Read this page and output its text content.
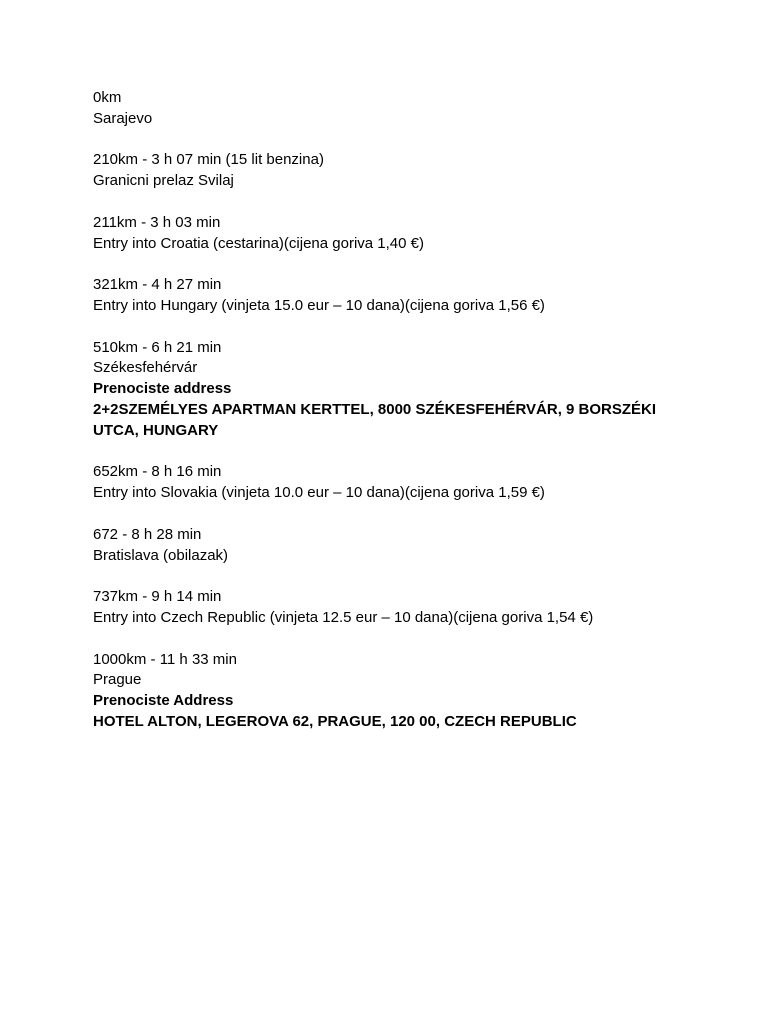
0km
Sarajevo
210km - 3 h 07 min (15 lit benzina)
Granicni prelaz Svilaj
211km - 3 h 03 min
Entry into Croatia (cestarina)(cijena goriva 1,40 €)
321km - 4 h 27 min
Entry into Hungary (vinjeta 15.0 eur – 10 dana)(cijena goriva 1,56 €)
510km - 6 h 21 min
Székesfehérvár
Prenociste address
2+2SZEMÉLYES APARTMAN KERTTEL, 8000 SZÉKESFEHÉRVÁR, 9 BORSZÉKI UTCA, HUNGARY
652km - 8 h 16 min
Entry into Slovakia (vinjeta 10.0 eur – 10 dana)(cijena goriva 1,59 €)
672 - 8 h 28 min
Bratislava (obilazak)
737km - 9 h 14 min
Entry into Czech Republic (vinjeta 12.5 eur – 10 dana)(cijena goriva 1,54 €)
1000km - 11 h 33 min
Prague
Prenociste Address
HOTEL ALTON, LEGEROVA 62, PRAGUE, 120 00, CZECH REPUBLIC
